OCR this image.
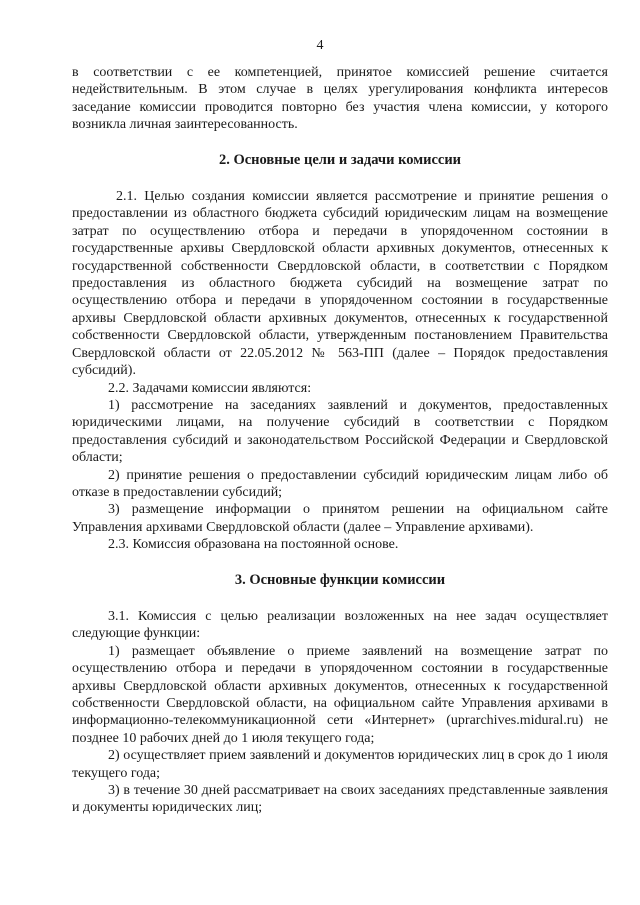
4

в соответствии с ее компетенцией, принятое комиссией решение считается недействительным. В этом случае в целях урегулирования конфликта интересов заседание комиссии проводится повторно без участия члена комиссии, у которого возникла личная заинтересованность.

2. Основные цели и задачи комиссии

2.1. Целью создания комиссии является рассмотрение и принятие решения о предоставлении из областного бюджета субсидий юридическим лицам на возмещение затрат по осуществлению отбора и передачи в упорядоченном состоянии в государственные архивы Свердловской области архивных документов, отнесенных к государственной собственности Свердловской области, в соответствии с Порядком предоставления из областного бюджета субсидий на возмещение затрат по осуществлению отбора и передачи в упорядоченном состоянии в государственные архивы Свердловской области архивных документов, отнесенных к государственной собственности Свердловской области, утвержденным постановлением Правительства Свердловской области от 22.05.2012 № 563-ПП (далее – Порядок предоставления субсидий).

2.2. Задачами комиссии являются:

1) рассмотрение на заседаниях заявлений и документов, предоставленных юридическими лицами, на получение субсидий в соответствии с Порядком предоставления субсидий и законодательством Российской Федерации и Свердловской области;

2) принятие решения о предоставлении субсидий юридическим лицам либо об отказе в предоставлении субсидий;

3) размещение информации о принятом решении на официальном сайте Управления архивами Свердловской области (далее – Управление архивами).

2.3. Комиссия образована на постоянной основе.

3. Основные функции комиссии

3.1. Комиссия с целью реализации возложенных на нее задач осуществляет следующие функции:

1) размещает объявление о приеме заявлений на возмещение затрат по осуществлению отбора и передачи в упорядоченном состоянии в государственные архивы Свердловской области архивных документов, отнесенных к государственной собственности Свердловской области, на официальном сайте Управления архивами в информационно-телекоммуникационной сети «Интернет» (uprarchives.midural.ru) не позднее 10 рабочих дней до 1 июля текущего года;

2) осуществляет прием заявлений и документов юридических лиц в срок до 1 июля текущего года;

3) в течение 30 дней рассматривает на своих заседаниях представленные заявления и документы юридических лиц;
